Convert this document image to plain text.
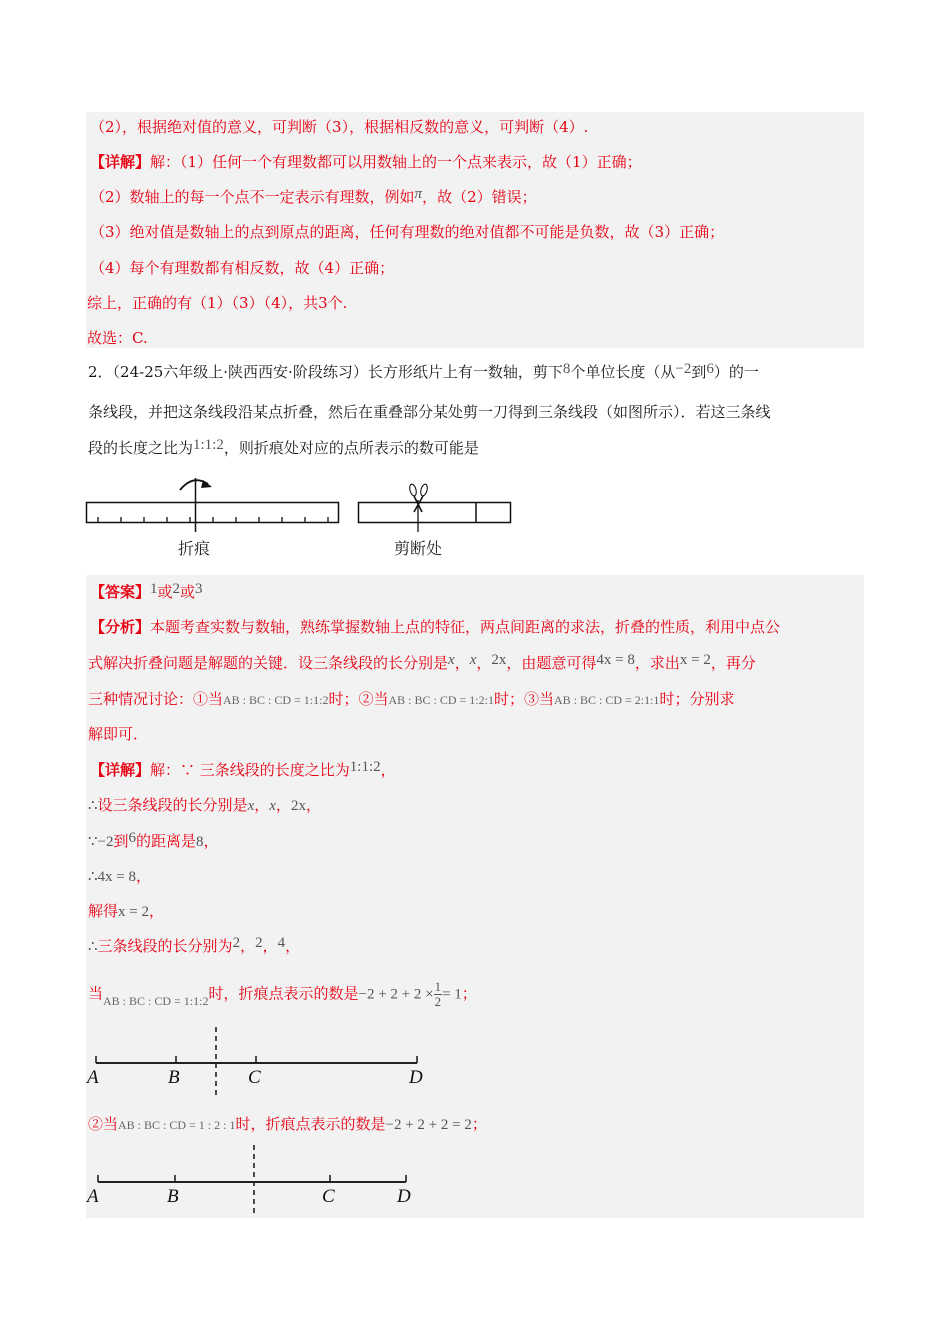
（2），根据绝对值的意义，可判断（3），根据相反数的意义，可判断（4）.
【详解】解：（1）任何一个有理数都可以用数轴上的一个点来表示，故（1）正确；
（2）数轴上的每一个点不一定表示有理数，例如π，故（2）错误；
（3）绝对值是数轴上的点到原点的距离，任何有理数的绝对值都不可能是负数，故（3）正确；
（4）每个有理数都有相反数，故（4）正确；
综上，正确的有（1）（3）（4），共3个.
故选：C.
2．（24-25六年级上·陕西西安·阶段练习）长方形纸片上有一数轴，剪下8个单位长度（从−2到6）的一
条线段，并把这条线段沿某点折叠，然后在重叠部分某处剪一刀得到三条线段（如图所示）．若这三条线
段的长度之比为1:1:2，则折痕处对应的点所表示的数可能是
折痕	剪断处
【答案】1或2或3
【分析】本题考查实数与数轴，熟练掌握数轴上点的特征，两点间距离的求法，折叠的性质，利用中点公
式解决折叠问题是解题的关键．设三条线段的长分别是x，x，2x，由题意可得4x = 8，求出x = 2，再分
三种情况讨论：①当AB : BC : CD = 1:1:2时；②当AB : BC : CD = 1:2:1时；③当AB : BC : CD = 2:1:1时；分别求
解即可．
【详解】解：∵ 三条线段的长度之比为1:1:2，
∴设三条线段的长分别是x，x，2x，
∵−2到6的距离是8，
∴4x = 8，
解得x = 2，
∴三条线段的长分别为2，2，4，
当$_{AB : BC : CD = 1:1:2}$时，折痕点表示的数是$-2 + 2 + 2 \times \frac{1}{2} = 1$；
A	B	C	D
②当AB : BC : CD = 1 : 2 : 1时，折痕点表示的数是−2 + 2 + 2 = 2；
A	B	C	D
